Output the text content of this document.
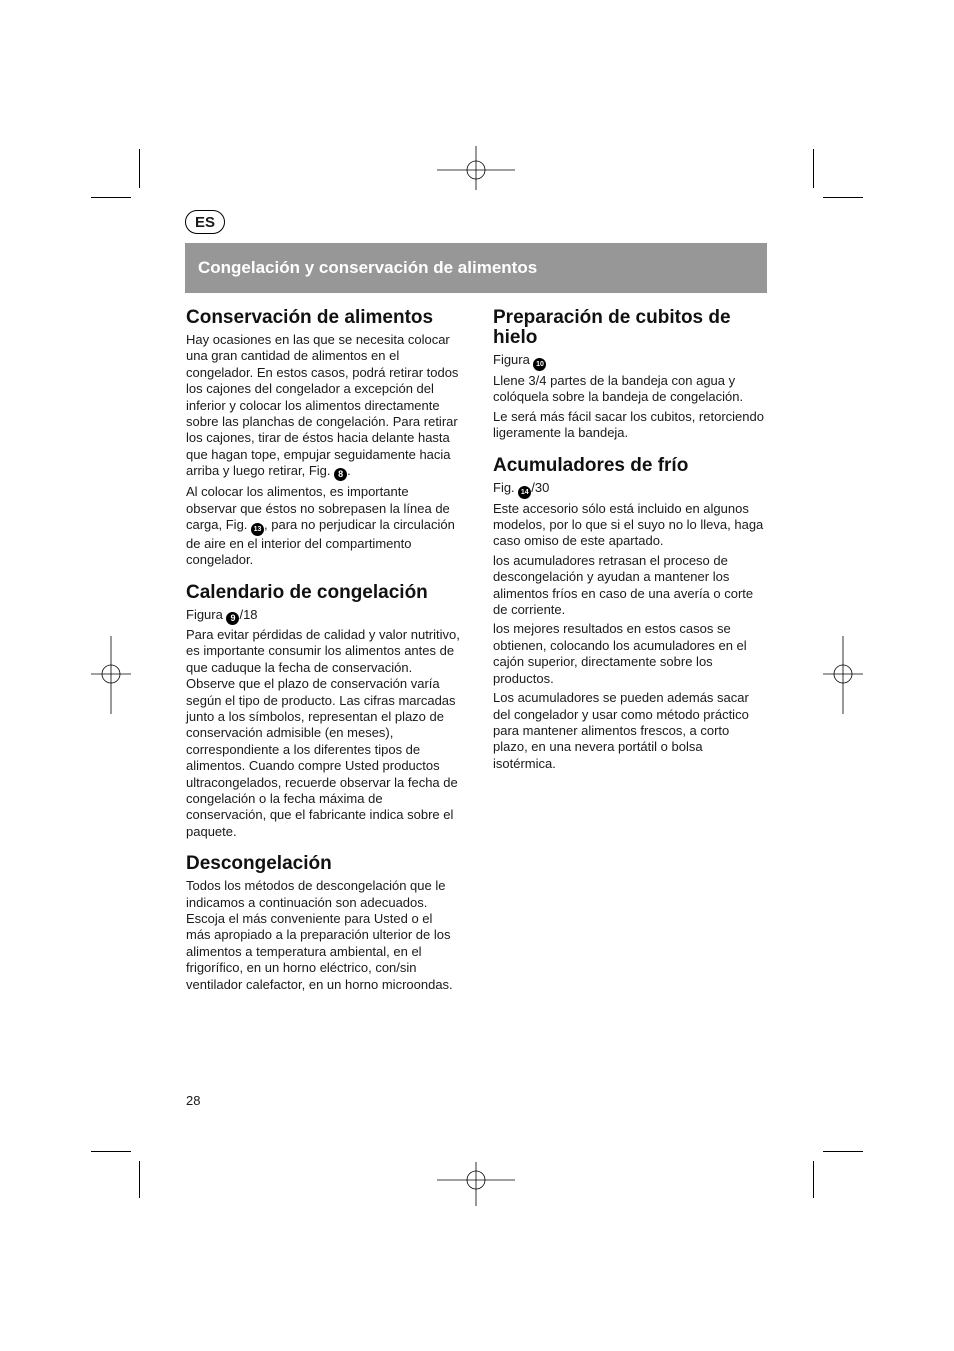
ES
Congelación y conservación de alimentos
Conservación de alimentos

Hay ocasiones en las que se necesita colocar una gran cantidad de alimentos en el congelador. En estos casos, podrá retirar todos los cajones del congelador a excepción del inferior y colocar los alimentos directamente sobre las planchas de congelación. Para retirar los cajones, tirar de éstos hacia delante hasta que hagan tope, empujar seguidamente hacia arriba y luego retirar, Fig. 8 .

Al colocar los alimentos, es importante observar que éstos no sobrepasen la línea de carga, Fig. 13 , para no perjudicar la circulación de aire en el interior del compartimento congelador.

Calendario de congelación
Figura 9 /18

Para evitar pérdidas de calidad y valor nutritivo, es importante consumir los alimentos antes de que caduque la fecha de conservación. Observe que el plazo de conservación varía según el tipo de producto. Las cifras marcadas junto a los símbolos, representan el plazo de conservación admisible (en meses), correspondiente a los diferentes tipos de alimentos. Cuando compre Usted productos ultracongelados, recuerde observar la fecha de congelación o la fecha máxima de conservación, que el fabricante indica sobre el paquete.

Descongelación

Todos los métodos de descongelación que le indicamos a continuación son adecuados. Escoja el más conveniente para Usted o el más apropiado a la preparación ulterior de los alimentos a temperatura ambiental, en el frigorífico, en un horno eléctrico, con/sin ventilador calefactor, en un horno microondas.

Preparación de cubitos de hielo
Figura 10

Llene 3/4 partes de la bandeja con agua y colóquela sobre la bandeja de congelación.

Le será más fácil sacar los cubitos, retorciendo ligeramente la bandeja.

Acumuladores de frío
Fig. 14 /30

Este accesorio sólo está incluido en algunos modelos, por lo que si el suyo no lo lleva, haga caso omiso de este apartado.

los acumuladores retrasan el proceso de descongelación y ayudan a mantener los alimentos fríos en caso de una avería o corte de corriente.

los mejores resultados en estos casos se obtienen, colocando los acumuladores en el cajón superior, directamente sobre los productos.

Los acumuladores se pueden además sacar del congelador y usar como método práctico para mantener alimentos frescos, a corto plazo, en una nevera portátil o bolsa isotérmica.

28
